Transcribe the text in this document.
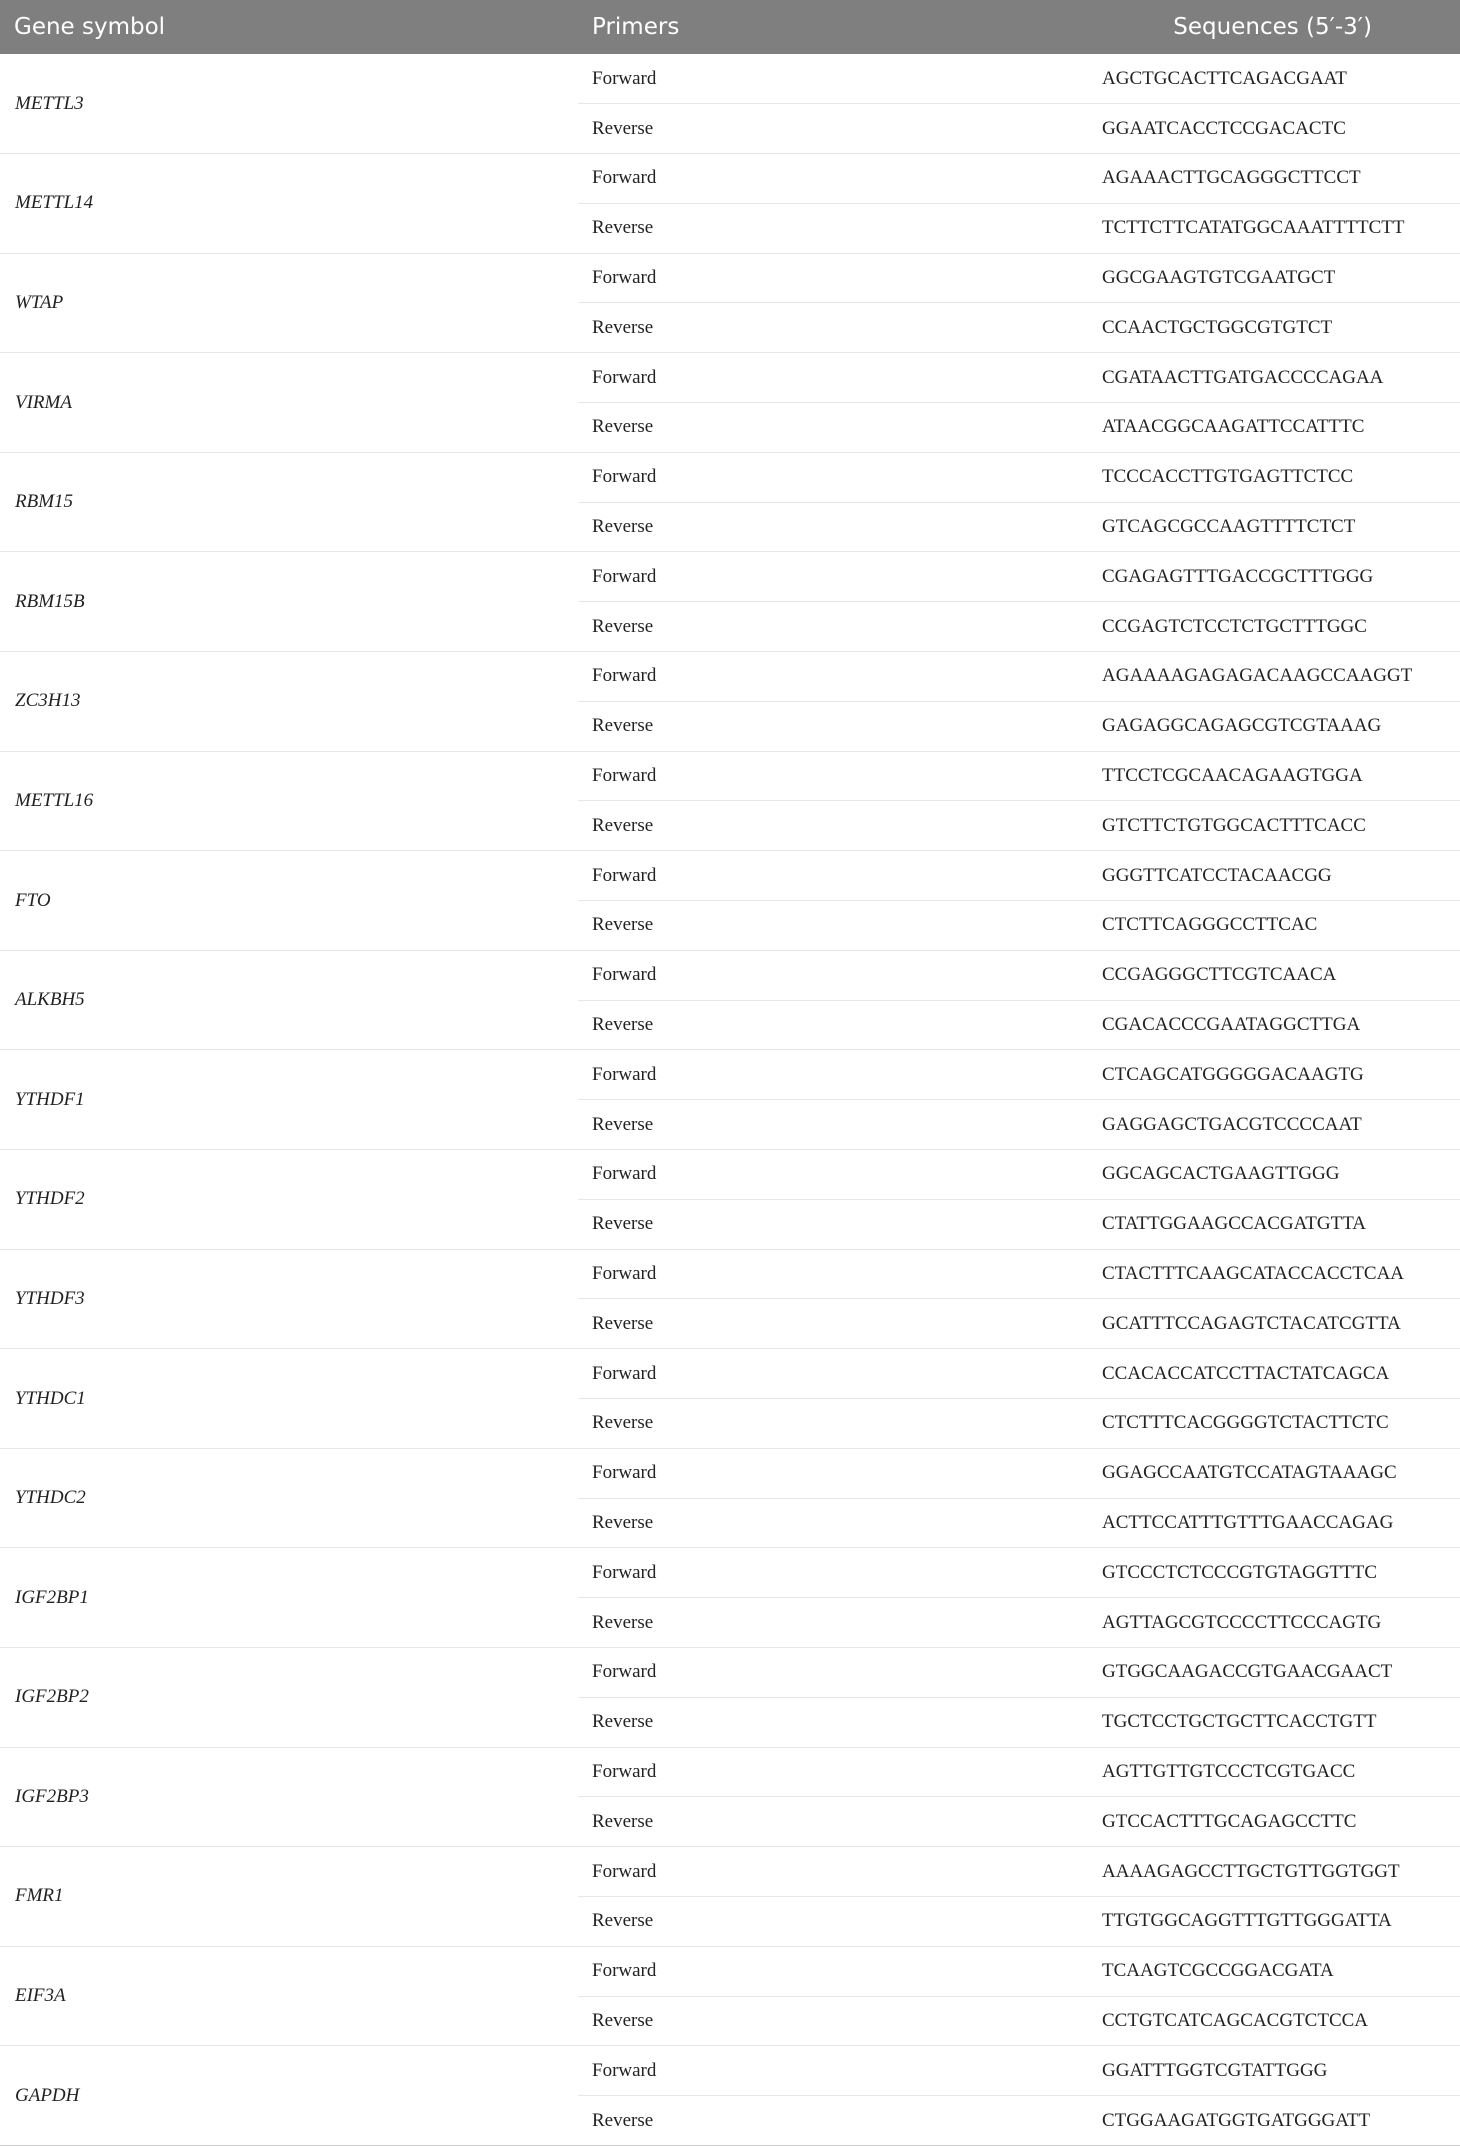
Gene symbol	Primers	Sequences (5′-3′)
METTL3	Forward	AGCTGCACTTCAGACGAAT
	Reverse	GGAATCACCTCCGACACTC
METTL14	Forward	AGAAACTTGCAGGGCTTCCT
	Reverse	TCTTCTTCATATGGCAAATTTTCTT
WTAP	Forward	GGCGAAGTGTCGAATGCT
	Reverse	CCAACTGCTGGCGTGTCT
VIRMA	Forward	CGATAACTTGATGACCCCAGAA
	Reverse	ATAACGGCAAGATTCCATTTC
RBM15	Forward	TCCCACCTTGTGAGTTCTCC
	Reverse	GTCAGCGCCAAGTTTTCTCT
RBM15B	Forward	CGAGAGTTTGACCGCTTTGGG
	Reverse	CCGAGTCTCCTCTGCTTTGGC
ZC3H13	Forward	AGAAAAGAGAGACAAGCCAAGGT
	Reverse	GAGAGGCAGAGCGTCGTAAAG
METTL16	Forward	TTCCTCGCAACAGAAGTGGA
	Reverse	GTCTTCTGTGGCACTTTCACC
FTO	Forward	GGGTTCATCCTACAACGG
	Reverse	CTCTTCAGGGCCTTCAC
ALKBH5	Forward	CCGAGGGCTTCGTCAACA
	Reverse	CGACACCCGAATAGGCTTGA
YTHDF1	Forward	CTCAGCATGGGGGACAAGTG
	Reverse	GAGGAGCTGACGTCCCCAAT
YTHDF2	Forward	GGCAGCACTGAAGTTGGG
	Reverse	CTATTGGAAGCCACGATGTTA
YTHDF3	Forward	CTACTTTCAAGCATACCACCTCAA
	Reverse	GCATTTCCAGAGTCTACATCGTTA
YTHDC1	Forward	CCACACCATCCTTACTATCAGCA
	Reverse	CTCTTTCACGGGGTCTACTTCTC
YTHDC2	Forward	GGAGCCAATGTCCATAGTAAAGC
	Reverse	ACTTCCATTTGTTTGAACCAGAG
IGF2BP1	Forward	GTCCCTCTCCCGTGTAGGTTTC
	Reverse	AGTTAGCGTCCCCTTCCCAGTG
IGF2BP2	Forward	GTGGCAAGACCGTGAACGAACT
	Reverse	TGCTCCTGCTGCTTCACCTGTT
IGF2BP3	Forward	AGTTGTTGTCCCTCGTGACC
	Reverse	GTCCACTTTGCAGAGCCTTC
FMR1	Forward	AAAAGAGCCTTGCTGTTGGTGGT
	Reverse	TTGTGGCAGGTTTGTTGGGATTA
EIF3A	Forward	TCAAGTCGCCGGACGATA
	Reverse	CCTGTCATCAGCACGTCTCCA
GAPDH	Forward	GGATTTGGTCGTATTGGG
	Reverse	CTGGAAGATGGTGATGGGATT
